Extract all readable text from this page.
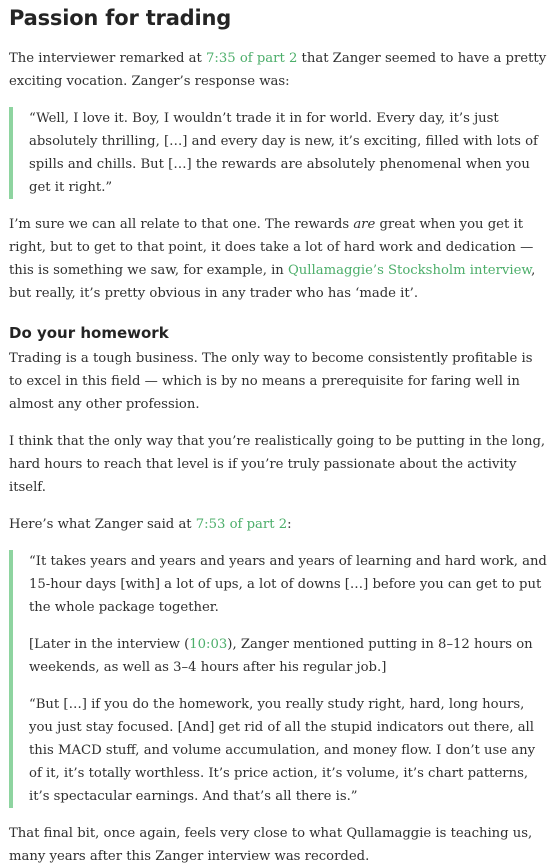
Passion for trading

The interviewer remarked at 7:35 of part 2 that Zanger seemed to have a pretty exciting vocation. Zanger’s response was:

“Well, I love it. Boy, I wouldn’t trade it in for world. Every day, it’s just absolutely thrilling, […] and every day is new, it’s exciting, filled with lots of spills and chills. But […] the rewards are absolutely phenomenal when you get it right.”

I’m sure we can all relate to that one. The rewards are great when you get it right, but to get to that point, it does take a lot of hard work and dedication — this is something we saw, for example, in Qullamaggie’s Stocksholm interview, but really, it’s pretty obvious in any trader who has ‘made it’.

Do your homework

Trading is a tough business. The only way to become consistently profitable is to excel in this field — which is by no means a prerequisite for faring well in almost any other profession.

I think that the only way that you’re realistically going to be putting in the long, hard hours to reach that level is if you’re truly passionate about the activity itself.

Here’s what Zanger said at 7:53 of part 2:

“It takes years and years and years and years of learning and hard work, and 15-hour days [with] a lot of ups, a lot of downs […] before you can get to put the whole package together.

[Later in the interview (10:03), Zanger mentioned putting in 8–12 hours on weekends, as well as 3–4 hours after his regular job.]

“But […] if you do the homework, you really study right, hard, long hours, you just stay focused. [And] get rid of all the stupid indicators out there, all this MACD stuff, and volume accumulation, and money flow. I don’t use any of it, it’s totally worthless. It’s price action, it’s volume, it’s chart patterns, it’s spectacular earnings. And that’s all there is.”

That final bit, once again, feels very close to what Qullamaggie is teaching us, many years after this Zanger interview was recorded.
